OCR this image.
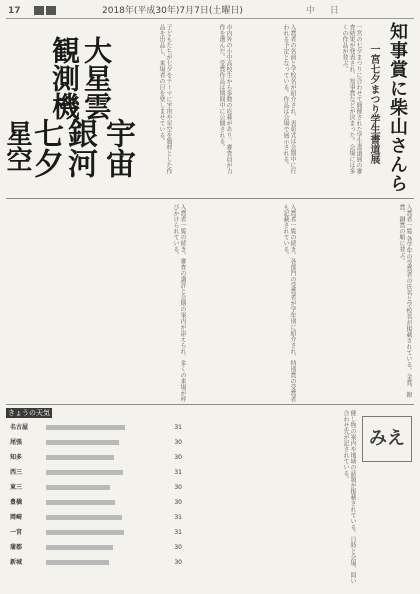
17	2018年(平成30年)7月7日(土曜日)	中 日
知事賞に柴山さんら
一宮七夕まつり学生書道展
一宮の七夕まつりに合わせて開催された学生書道展の審査結果が発表され、知事賞などが決まった。会場には多くの作品が並ぶ。
入賞者の名前と学校名が紹介され、表彰式は会期中に行われる予定となっている。作品は会場で展示される。
市内外の小中高校生から多数の応募があり、審査員が力作を選んだ。受賞作品は期間中に公開される。
子どもたちが七夕をテーマに宇宙や星空を題材とした作品を出品し、来場者の目を楽しませている。
大星雲
観測機
宇宙
銀河
七夕
星空
入賞者一覧 各学年の受賞者の氏名と学校名が掲載されている。金賞、銀賞、銅賞の順に並ぶ。
入賞者一覧の続き。各部門の受賞者が学年別に紹介され、特別賞の受賞者も記載されている。
入賞者一覧の続き。審査の講評と会期の案内が添えられ、多くの来場が呼びかけられている。
きょうの天気
名古屋	31
尾張	30
知多	30
西三	31
東三	30
豊橋	30
岡崎	31
一宮	31
蒲郡	30
新城	30	催し物の案内や地域の話題が掲載されている。日時と会場、問い合わせ先が記されている。	みえ
